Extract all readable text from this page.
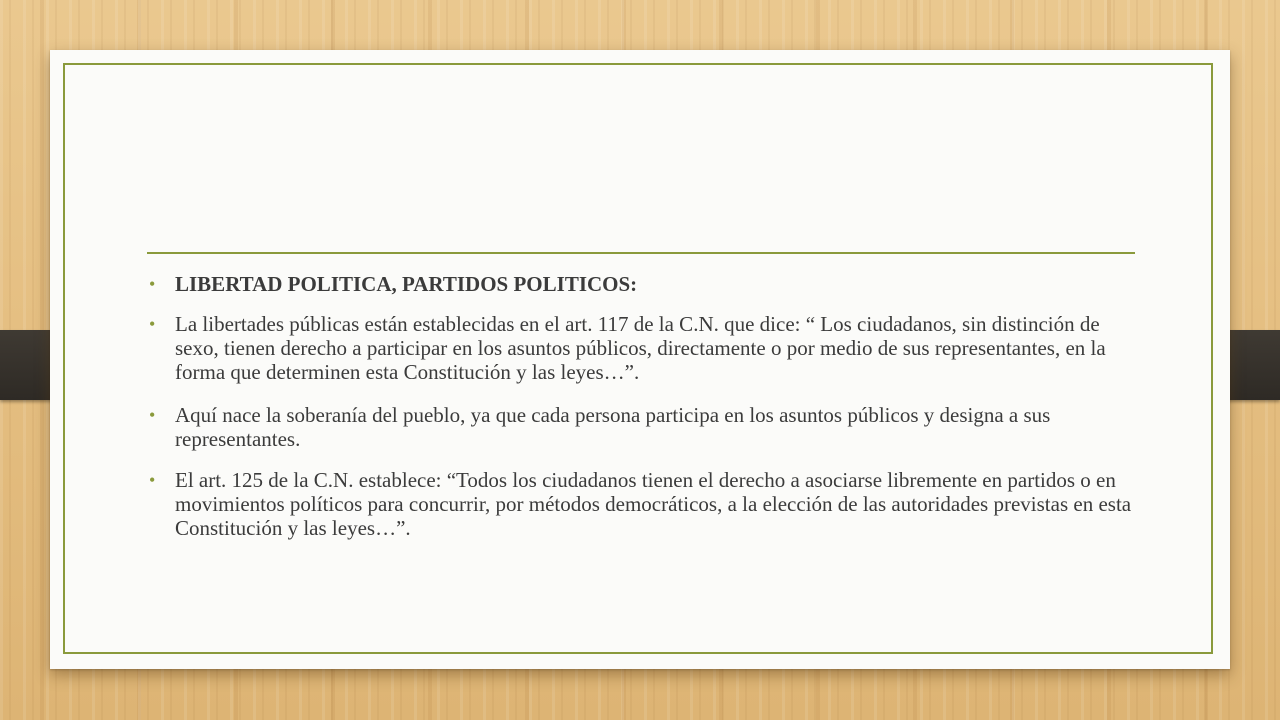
• LIBERTAD POLITICA, PARTIDOS POLITICOS:
• La libertades públicas están establecidas en el art. 117 de la C.N. que dice: “ Los ciudadanos, sin distinción de sexo, tienen derecho a participar en los asuntos públicos, directamente o por medio de sus representantes, en la forma que determinen esta Constitución y las leyes…”.
• Aquí nace la soberanía del pueblo, ya que cada persona participa en los asuntos públicos y designa a sus representantes.
• El art. 125 de la C.N. establece: “Todos los ciudadanos tienen el derecho a asociarse libremente en partidos o en movimientos políticos para concurrir, por métodos democráticos, a la elección de las autoridades previstas en esta Constitución y las leyes…”.
